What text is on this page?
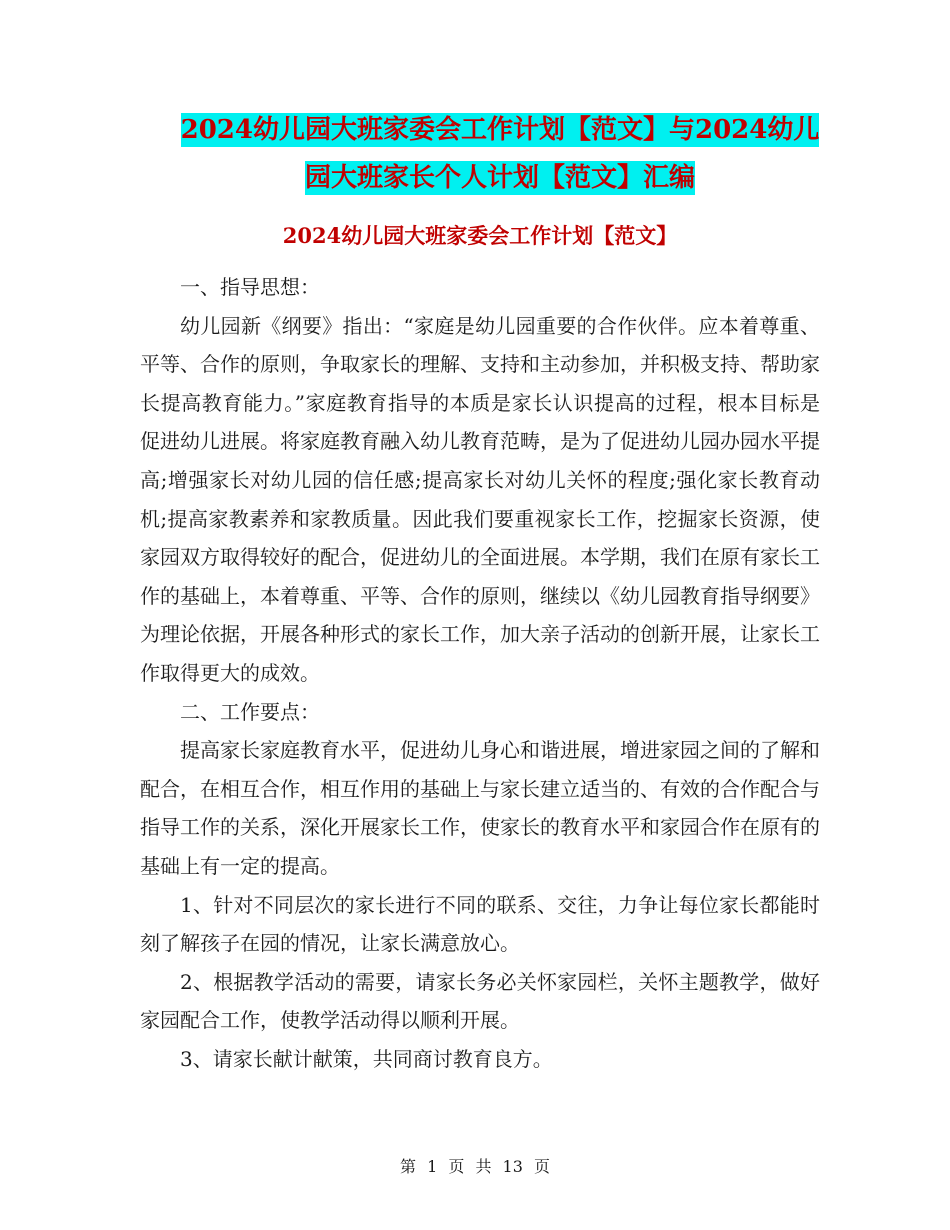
2024幼儿园大班家委会工作计划【范文】与2024幼儿
园大班家长个人计划【范文】汇编
2024幼儿园大班家委会工作计划【范文】

一、指导思想：

幼儿园新《纲要》指出：“家庭是幼儿园重要的合作伙伴。应本着尊重、平等、合作的原则，争取家长的理解、支持和主动参加，并积极支持、帮助家长提高教育能力。”家庭教育指导的本质是家长认识提高的过程，根本目标是促进幼儿进展。将家庭教育融入幼儿教育范畴，是为了促进幼儿园办园水平提高;增强家长对幼儿园的信任感;提高家长对幼儿关怀的程度;强化家长教育动机;提高家教素养和家教质量。因此我们要重视家长工作，挖掘家长资源，使家园双方取得较好的配合，促进幼儿的全面进展。本学期，我们在原有家长工作的基础上，本着尊重、平等、合作的原则，继续以《幼儿园教育指导纲要》为理论依据，开展各种形式的家长工作，加大亲子活动的创新开展，让家长工作取得更大的成效。

二、工作要点：

提高家长家庭教育水平，促进幼儿身心和谐进展，增进家园之间的了解和配合，在相互合作，相互作用的基础上与家长建立适当的、有效的合作配合与指导工作的关系，深化开展家长工作，使家长的教育水平和家园合作在原有的基础上有一定的提高。

1、针对不同层次的家长进行不同的联系、交往，力争让每位家长都能时刻了解孩子在园的情况，让家长满意放心。

2、根据教学活动的需要，请家长务必关怀家园栏，关怀主题教学，做好家园配合工作，使教学活动得以顺利开展。

3、请家长献计献策，共同商讨教育良方。

第 1 页 共 13 页
